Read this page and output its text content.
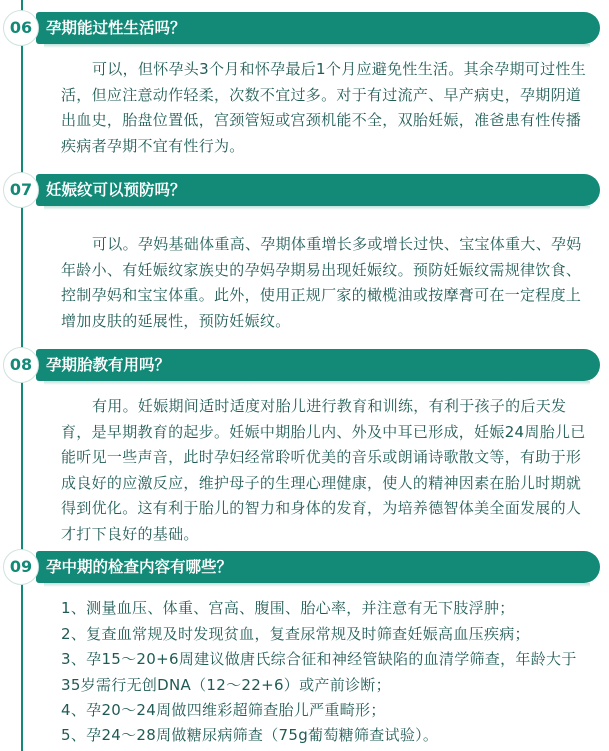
06 孕期能过性生活吗？
可以，但怀孕头3个月和怀孕最后1个月应避免性生活。其余孕期可过性生活，但应注意动作轻柔，次数不宜过多。对于有过流产、早产病史，孕期阴道出血史，胎盘位置低，宫颈管短或宫颈机能不全，双胎妊娠，准爸患有性传播疾病者孕期不宜有性行为。
07 妊娠纹可以预防吗？
可以。孕妈基础体重高、孕期体重增长多或增长过快、宝宝体重大、孕妈年龄小、有妊娠纹家族史的孕妈孕期易出现妊娠纹。预防妊娠纹需规律饮食、控制孕妈和宝宝体重。此外，使用正规厂家的橄榄油或按摩膏可在一定程度上增加皮肤的延展性，预防妊娠纹。
08 孕期胎教有用吗？
有用。妊娠期间适时适度对胎儿进行教育和训练，有利于孩子的后天发育，是早期教育的起步。妊娠中期胎儿内、外及中耳已形成，妊娠24周胎儿已能听见一些声音，此时孕妇经常聆听优美的音乐或朗诵诗歌散文等，有助于形成良好的应激反应，维护母子的生理心理健康，使人的精神因素在胎儿时期就得到优化。这有利于胎儿的智力和身体的发育，为培养德智体美全面发展的人才打下良好的基础。
09 孕中期的检查内容有哪些？
1、测量血压、体重、宫高、腹围、胎心率，并注意有无下肢浮肿；
2、复查血常规及时发现贫血，复查尿常规及时筛查妊娠高血压疾病；
3、孕15～20+6周建议做唐氏综合征和神经管缺陷的血清学筛查，年龄大于35岁需行无创DNA（12～22+6）或产前诊断；
4、孕20～24周做四维彩超筛查胎儿严重畸形；
5、孕24～28周做糖尿病筛查（75g葡萄糖筛查试验）。
